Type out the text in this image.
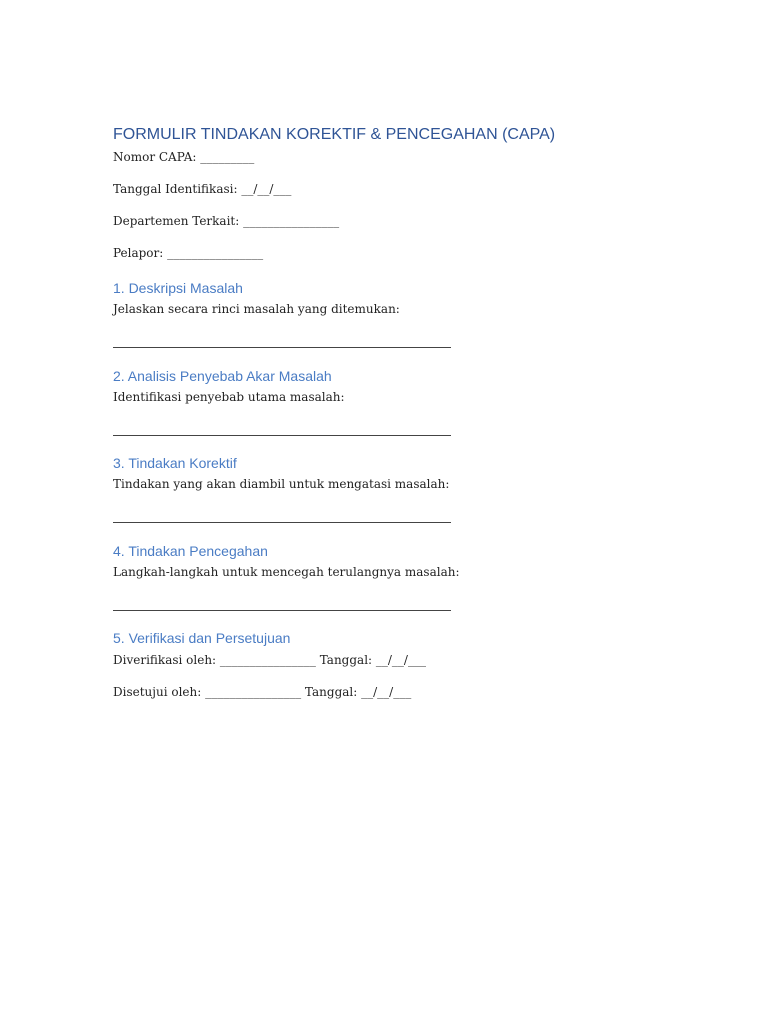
FORMULIR TINDAKAN KOREKTIF & PENCEGAHAN (CAPA)
Nomor CAPA: _________
Tanggal Identifikasi: __/__/___
Departemen Terkait: ________________
Pelapor: ________________
1. Deskripsi Masalah
Jelaskan secara rinci masalah yang ditemukan:
2. Analisis Penyebab Akar Masalah
Identifikasi penyebab utama masalah:
3. Tindakan Korektif
Tindakan yang akan diambil untuk mengatasi masalah:
4. Tindakan Pencegahan
Langkah-langkah untuk mencegah terulangnya masalah:
5. Verifikasi dan Persetujuan
Diverifikasi oleh: ________________ Tanggal: __/__/___
Disetujui oleh: ________________ Tanggal: __/__/___
